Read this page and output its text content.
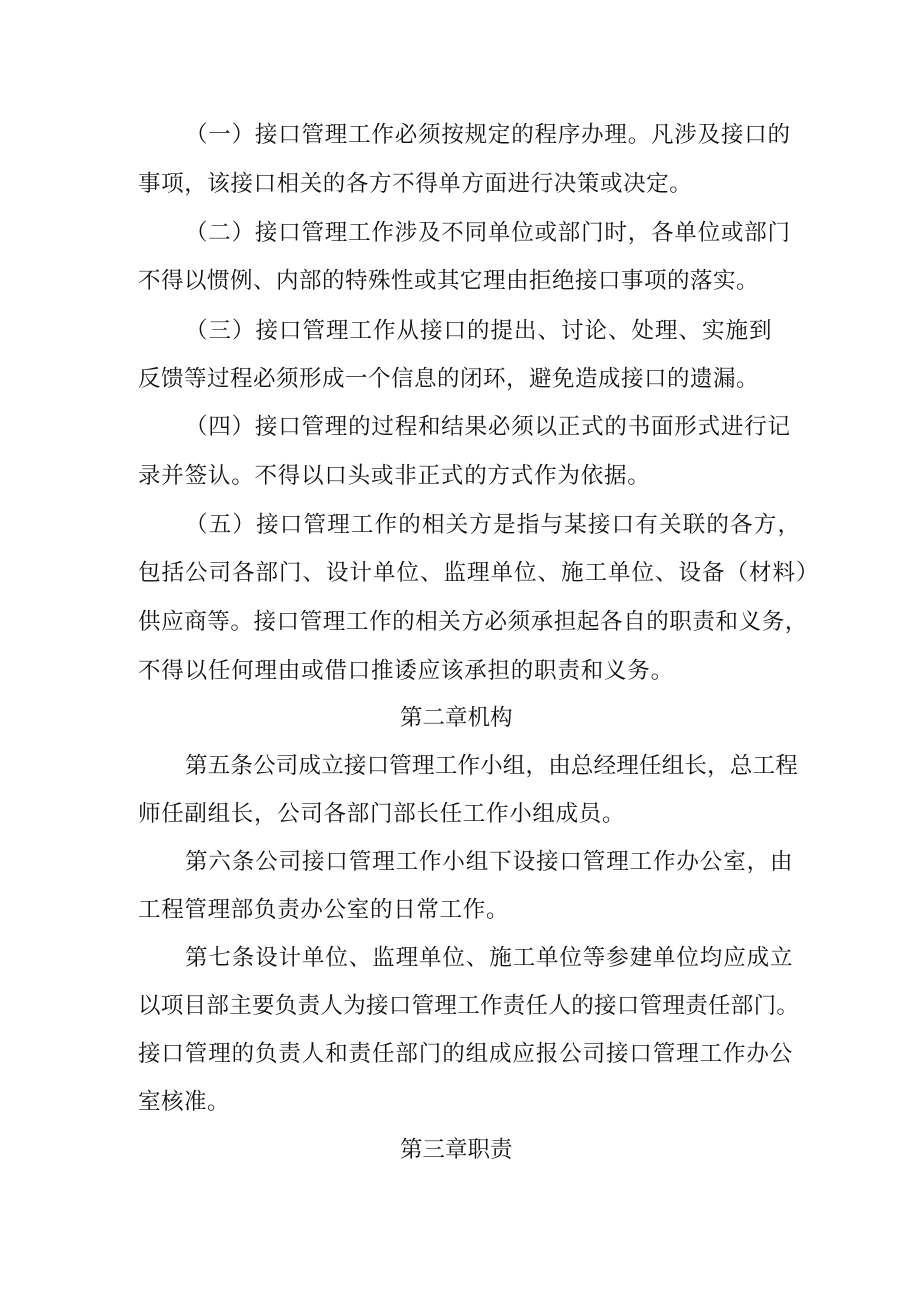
（一）接口管理工作必须按规定的程序办理。凡涉及接口的
事项，该接口相关的各方不得单方面进行决策或决定。
（二）接口管理工作涉及不同单位或部门时，各单位或部门
不得以惯例、内部的特殊性或其它理由拒绝接口事项的落实。
（三）接口管理工作从接口的提出、讨论、处理、实施到
反馈等过程必须形成一个信息的闭环，避免造成接口的遗漏。
（四）接口管理的过程和结果必须以正式的书面形式进行记
录并签认。不得以口头或非正式的方式作为依据。
（五）接口管理工作的相关方是指与某接口有关联的各方，
包括公司各部门、设计单位、监理单位、施工单位、设备（材料）
供应商等。接口管理工作的相关方必须承担起各自的职责和义务，
不得以任何理由或借口推诿应该承担的职责和义务。
第二章机构
第五条公司成立接口管理工作小组，由总经理任组长，总工程
师任副组长，公司各部门部长任工作小组成员。
第六条公司接口管理工作小组下设接口管理工作办公室，由
工程管理部负责办公室的日常工作。
第七条设计单位、监理单位、施工单位等参建单位均应成立
以项目部主要负责人为接口管理工作责任人的接口管理责任部门。
接口管理的负责人和责任部门的组成应报公司接口管理工作办公
室核准。
第三章职责
